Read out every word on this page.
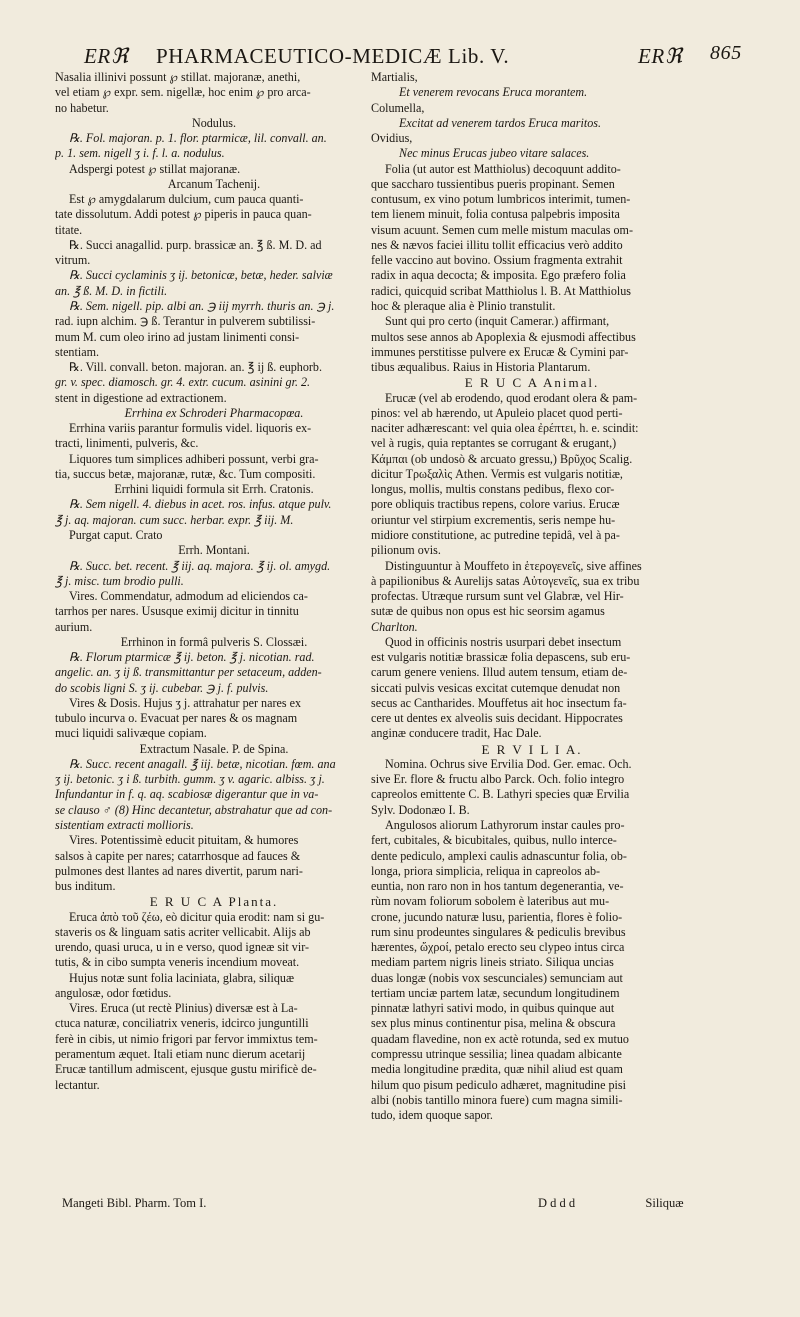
ERℜ PHARMACEUTICO-MEDICÆ Lib. V.	ERℜ 865
Nasalia illinivi possunt ℘ stillat. majoranæ, anethi,
vel etiam ℘ expr. sem. nigellæ, hoc enim ℘ pro arca-
no habetur.
Nodulus.
℞. Fol. majoran. p. 1. flor. ptarmicæ, lil. convall. an.
p. 1. sem. nigell ʒ i. f. l. a. nodulus.
Adspergi potest ℘ stillat majoranæ.
Arcanum Tachenij.
Est ℘ amygdalarum dulcium, cum pauca quanti-
tate dissolutum. Addi potest ℘ piperis in pauca quan-
titate.
℞. Succi anagallid. purp. brassicæ an. ℥ ß. M. D. ad
vitrum.
℞. Succi cyclaminis ʒ ij. betonicæ, betæ, heder. salviæ
an. ℥ ß. M. D. in fictili.
℞. Sem. nigell. pip. albi an. ℈ iij myrrh. thuris an. ℈ j.
rad. iupn alchim. ℈ ß. Terantur in pulverem subtilissi-
mum M. cum oleo irino ad justam linimenti consi-
stentiam.
℞. Vill. convall. beton. majoran. an. ℥ ij ß. euphorb.
gr. v. spec. diamosch. gr. 4. extr. cucum. asinini gr. 2.
stent in digestione ad extractionem.
Errhina ex Schroderi Pharmacopœa.
Errhina variis parantur formulis videl. liquoris ex-
tracti, linimenti, pulveris, &c.
Liquores tum simplices adhiberi possunt, verbi gra-
tia, succus betæ, majoranæ, rutæ, &c. Tum compositi.
Errhini liquidi formula sit Errh. Cratonis.
℞. Sem nigell. 4. diebus in acet. ros. infus. atque pulv.
℥ j. aq. majoran. cum succ. herbar. expr. ℥ iij. M.
Purgat caput. Crato
Errh. Montani.
℞. Succ. bet. recent. ℥ iij. aq. majora. ℥ ij. ol. amygd.
℥ j. misc. tum brodio pulli.
Vires. Commendatur, admodum ad eliciendos ca-
tarrhos per nares. Ususque eximij dicitur in tinnitu
aurium.
Errhinon in formâ pulveris S. Clossæi.
℞. Florum ptarmicæ ℥ ij. beton. ℥ j. nicotian. rad.
angelic. an. ʒ ij ß. transmittantur per setaceum, adden-
do scobis ligni S. ʒ ij. cubebar. ℈ j. f. pulvis.
Vires & Dosis. Hujus ʒ j. attrahatur per nares ex
tubulo incurva o. Evacuat per nares & os magnam
muci liquidi salivæque copiam.
Extractum Nasale. P. de Spina.
℞. Succ. recent anagall. ℥ iij. betæ, nicotian. fœm. ana
ʒ ij. betonic. ʒ i ß. turbith. gumm. ʒ v. agaric. albiss. ʒ j.
Infundantur in f. q. aq. scabiosæ digerantur que in va-
se clauso ♂ (8) Hinc decantetur, abstrahatur que ad con-
sistentiam extracti mollioris.
Vires. Potentissimè educit pituitam, & humores
salsos à capite per nares; catarrhosque ad fauces &
pulmones dest llantes ad nares divertit, parum nari-
bus inditum.
E R U C A Planta.
Eruca ἀπὸ τοῦ ζέω, eò dicitur quia erodit: nam si gu-
staveris os & linguam satis acriter vellicabit. Alijs ab
urendo, quasi uruca, u in e verso, quod igneæ sit vir-
tutis, & in cibo sumpta veneris incendium moveat.
Hujus notæ sunt folia laciniata, glabra, siliquæ
angulosæ, odor fœtidus.
Vires. Eruca (ut rectè Plinius) diversæ est à La-
ctuca naturæ, conciliatrix veneris, idcirco junguntilli
ferè in cibis, ut nimio frigori par fervor immixtus tem-
peramentum æquet. Itali etiam nunc dierum acetarij
Erucæ tantillum admiscent, ejusque gustu mirificè de-
lectantur.
Martialis,
Et venerem revocans Eruca morantem.
Columella,
Excitat ad venerem tardos Eruca maritos.
Ovidius,
Nec minus Erucas jubeo vitare salaces.
Folia (ut autor est Matthiolus) decoquunt addito-
que saccharo tussientibus pueris propinant. Semen
contusum, ex vino potum lumbricos interimit, tumen-
tem lienem minuit, folia contusa palpebris imposita
visum acuunt. Semen cum melle mistum maculas om-
nes & nævos faciei illitu tollit efficacius verò addito
felle vaccino aut bovino. Ossium fragmenta extrahit
radix in aqua decocta; & imposita. Ego præfero folia
radici, quicquid scribat Matthiolus l. B. At Matthiolus
hoc & pleraque alia è Plinio transtulit.
Sunt qui pro certo (inquit Camerar.) affirmant,
multos sese annos ab Apoplexia & ejusmodi affectibus
immunes perstitisse pulvere ex Erucæ & Cymini par-
tibus æqualibus. Raius in Historia Plantarum.
E R U C A Animal.
Erucæ (vel ab erodendo, quod erodant olera & pam-
pinos: vel ab hærendo, ut Apuleio placet quod perti-
naciter adhærescant: vel quia olea ἐρέπτει, h. e. scindit:
vel à rugis, quia reptantes se corrugant & erugant,)
Κάμπαι (ob undosò & arcuato gressu,) Βρῦχος Scalig.
dicitur Τρωξαλὶς Athen. Vermis est vulgaris notitiæ,
longus, mollis, multis constans pedibus, flexo cor-
pore obliquis tractibus repens, colore varius. Erucæ
oriuntur vel stirpium excrementis, seris nempe hu-
midiore constitutione, ac putredine tepidâ, vel à pa-
pilionum ovis.
Distinguuntur à Mouffeto in ἑτερογενεῖς, sive affines
à papilionibus & Aurelijs satas Αὐτογενεῖς, sua ex tribu
profectas. Utræque rursum sunt vel Glabræ, vel Hir-
sutæ de quibus non opus est hic seorsim agamus
Charlton.
Quod in officinis nostris usurpari debet insectum
est vulgaris notitiæ brassicæ folia depascens, sub eru-
carum genere veniens. Illud autem tensum, etiam de-
siccati pulvis vesicas excitat cutemque denudat non
secus ac Cantharides. Mouffetus ait hoc insectum fa-
cere ut dentes ex alveolis suis decidant. Hippocrates
anginæ conducere tradit, Hac Dale.
E R V I L I A.
Nomina. Ochrus sive Ervilia Dod. Ger. emac. Och.
sive Er. flore & fructu albo Parck. Och. folio integro
capreolos emittente C. B. Lathyri species quæ Ervilia
Sylv. Dodonæo I. B.
Angulosos aliorum Lathyrorum instar caules pro-
fert, cubitales, & bicubitales, quibus, nullo interce-
dente pediculo, amplexi caulis adnascuntur folia, ob-
longa, priora simplicia, reliqua in capreolos ab-
euntia, non raro non in hos tantum degenerantia, ve-
rùm novam foliorum sobolem è lateribus aut mu-
crone, jucundo naturæ lusu, parientia, flores è folio-
rum sinu prodeuntes singulares & pediculis brevibus
hærentes, ὤχροί, petalo erecto seu clypeo intus circa
mediam partem nigris lineis striato. Siliqua uncias
duas longæ (nobis vox sescunciales) semunciam aut
tertiam unciæ partem latæ, secundum longitudinem
pinnatæ lathyri sativi modo, in quibus quinque aut
sex plus minus continentur pisa, melina & obscura
quadam flavedine, non ex actè rotunda, sed ex mutuo
compressu utrinque sessilia; linea quadam albicante
media longitudine prædita, quæ nihil aliud est quam
hilum quo pisum pediculo adhæret, magnitudine pisi
albi (nobis tantillo minora fuere) cum magna simili-
tudo, idem quoque sapor.
Mangeti Bibl. Pharm. Tom I.	D d d d	Siliquæ
